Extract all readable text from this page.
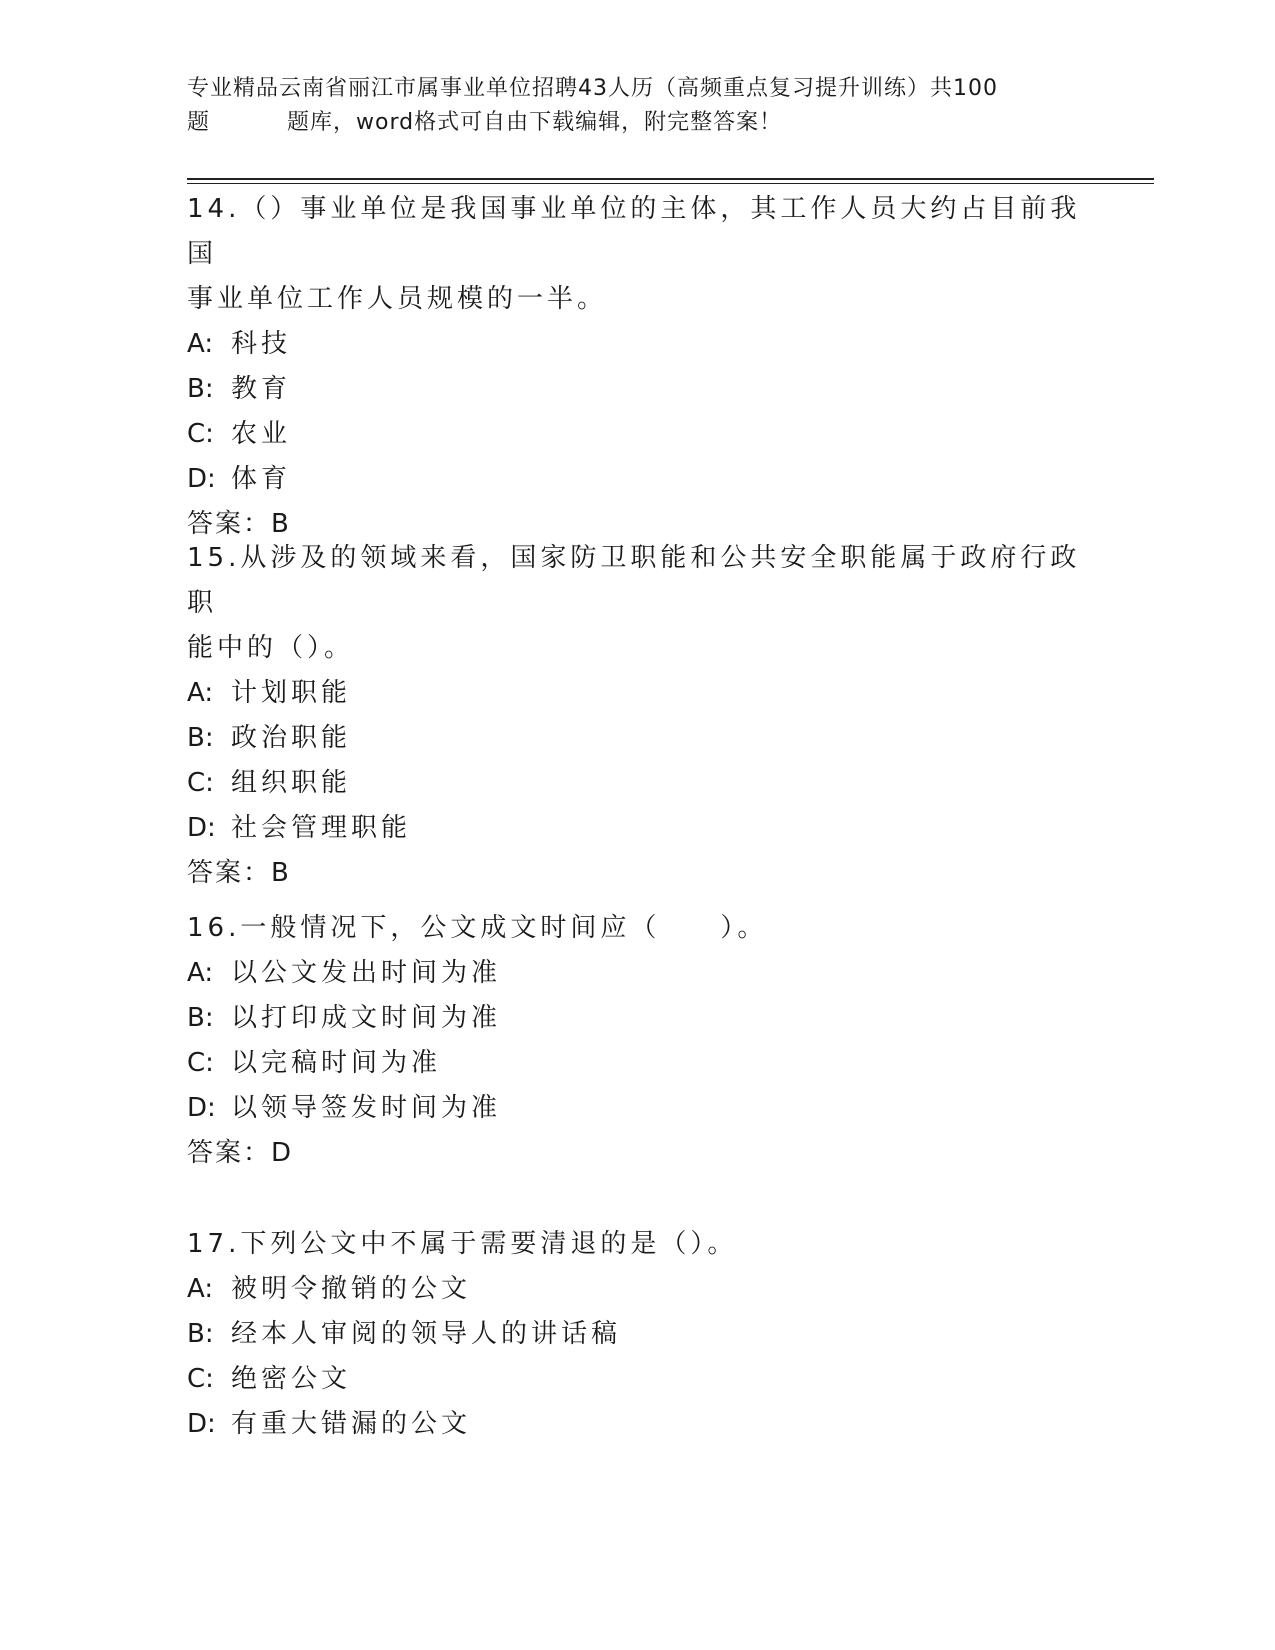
专业精品云南省丽江市属事业单位招聘43人历（高频重点复习提升训练）共100
题	题库，word格式可自由下载编辑，附完整答案！
14.（）事业单位是我国事业单位的主体，其工作人员大约占目前我国
事业单位工作人员规模的一半。
A: 科技
B: 教育
C: 农业
D: 体育
答案：B
15.从涉及的领域来看，国家防卫职能和公共安全职能属于政府行政职
能中的（）。
A: 计划职能
B: 政治职能
C: 组织职能
D: 社会管理职能
答案：B
16.一般情况下，公文成文时间应（　　）。
A: 以公文发出时间为准
B: 以打印成文时间为准
C: 以完稿时间为准
D: 以领导签发时间为准
答案：D
17.下列公文中不属于需要清退的是（）。
A: 被明令撤销的公文
B: 经本人审阅的领导人的讲话稿
C: 绝密公文
D: 有重大错漏的公文
